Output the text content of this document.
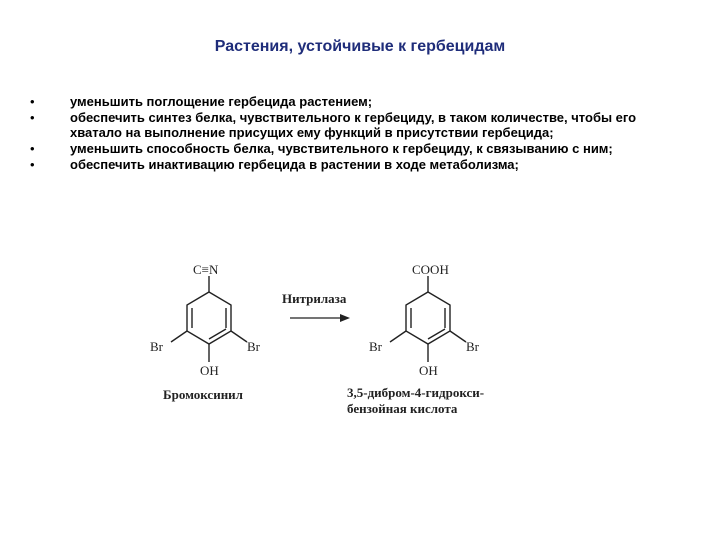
Растения, устойчивые к гербецидам
•	уменьшить поглощение гербецида растением;
•	обеспечить синтез белка, чувствительного к гербециду, в таком количестве, чтобы его хватало на выполнение присущих ему функций в присутствии гербецида;
•	уменьшить способность белка, чувствительного к гербециду, к связыванию с ним;
•	обеспечить инактивацию гербецида в растении в ходе метаболизма;
C≡N
Br	Br
OH
Бромоксинил
Нитрилаза
COOH
Br	Br
OH
3,5-дибром-4-гидрокси-
бензойная кислота
